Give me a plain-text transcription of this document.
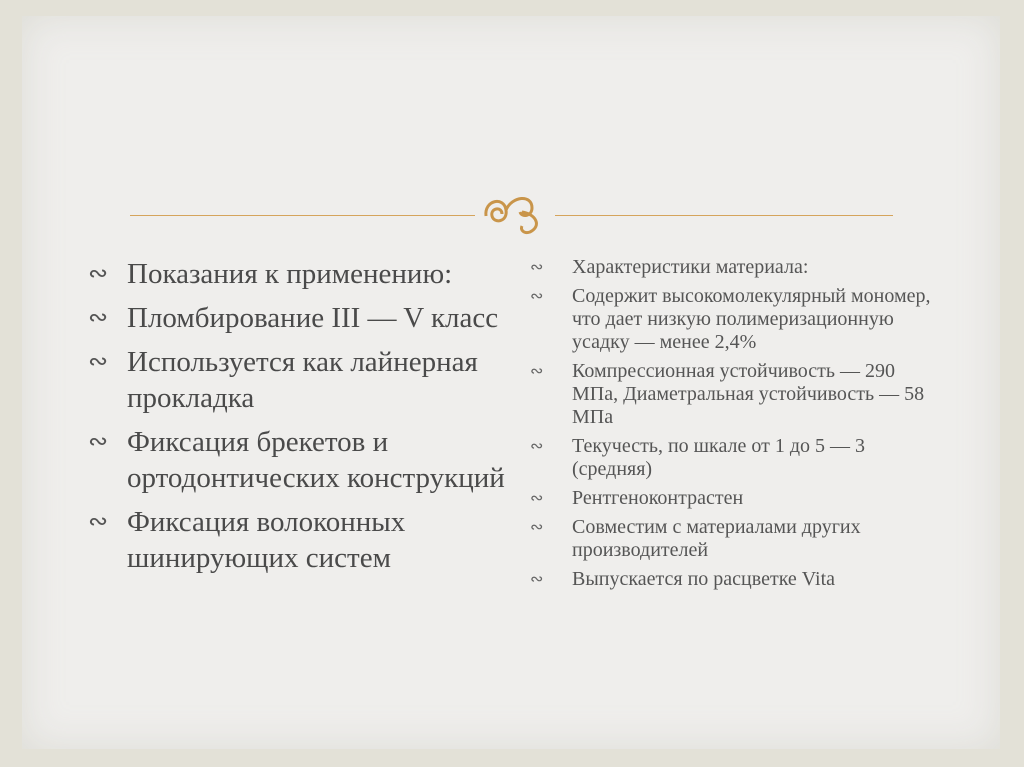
∾ Показания к применению:
∾ Пломбирование III — V класс
∾ Используется как лайнерная прокладка
∾ Фиксация брекетов и ортодонтических конструкций
∾ Фиксация волоконных шинирующих систем
∾	Характеристики материала:
∾	Содержит высокомолекулярный мономер, что дает низкую полимеризационную усадку — менее 2,4%
∾	Компрессионная устойчивость — 290 МПа, Диаметральная устойчивость — 58 МПа
∾	Текучесть, по шкале от 1 до 5 — 3 (средняя)
∾	Рентгеноконтрастен
∾	Совместим с материалами других производителей
∾	Выпускается по расцветке Vita
